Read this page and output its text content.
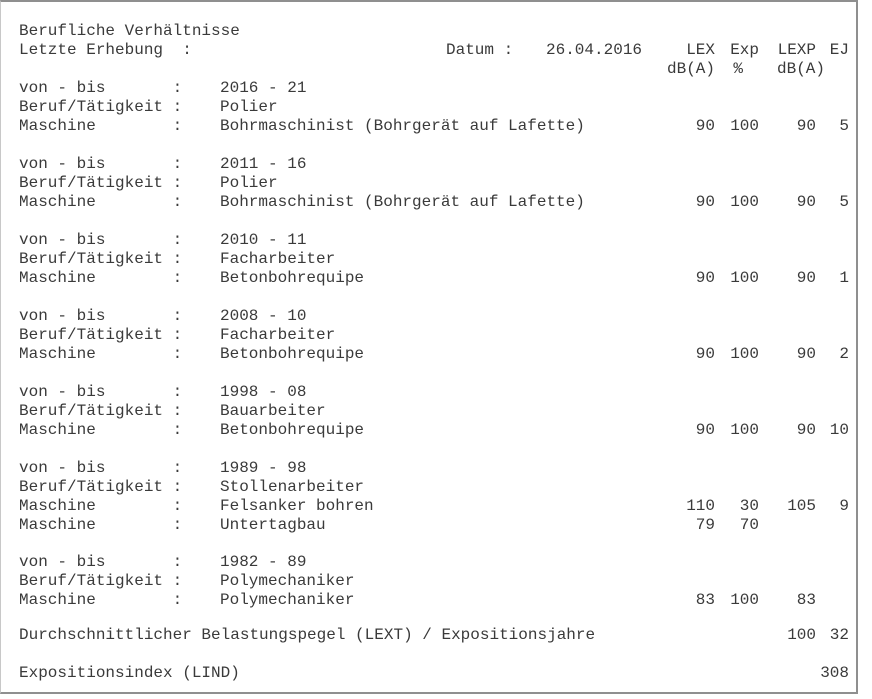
Berufliche Verhältnisse
Letzte Erhebung  :	Datum : 26.04.2016	LEX Exp LEXP EJ
dB(A) % dB(A)
von - bis       : 2016 - 21
Beruf/Tätigkeit : Polier
Maschine        : Bohrmaschinist (Bohrgerät auf Lafette)	90 100 90 5
von - bis       : 2011 - 16
Beruf/Tätigkeit : Polier
Maschine        : Bohrmaschinist (Bohrgerät auf Lafette)	90 100 90 5
von - bis       : 2010 - 11
Beruf/Tätigkeit : Facharbeiter
Maschine        : Betonbohrequipe	90 100 90 1
von - bis       : 2008 - 10
Beruf/Tätigkeit : Facharbeiter
Maschine        : Betonbohrequipe	90 100 90 2
von - bis       : 1998 - 08
Beruf/Tätigkeit : Bauarbeiter
Maschine        : Betonbohrequipe	90 100 90 10
von - bis       : 1989 - 98
Beruf/Tätigkeit : Stollenarbeiter
Maschine        : Felsanker bohren	110 30 105 9
Maschine        : Untertagbau	79 70
von - bis       : 1982 - 89
Beruf/Tätigkeit : Polymechaniker
Maschine        : Polymechaniker	83 100 83
Durchschnittlicher Belastungspegel (LEXT) / Expositionsjahre	100 32
Expositionsindex (LIND)	308
